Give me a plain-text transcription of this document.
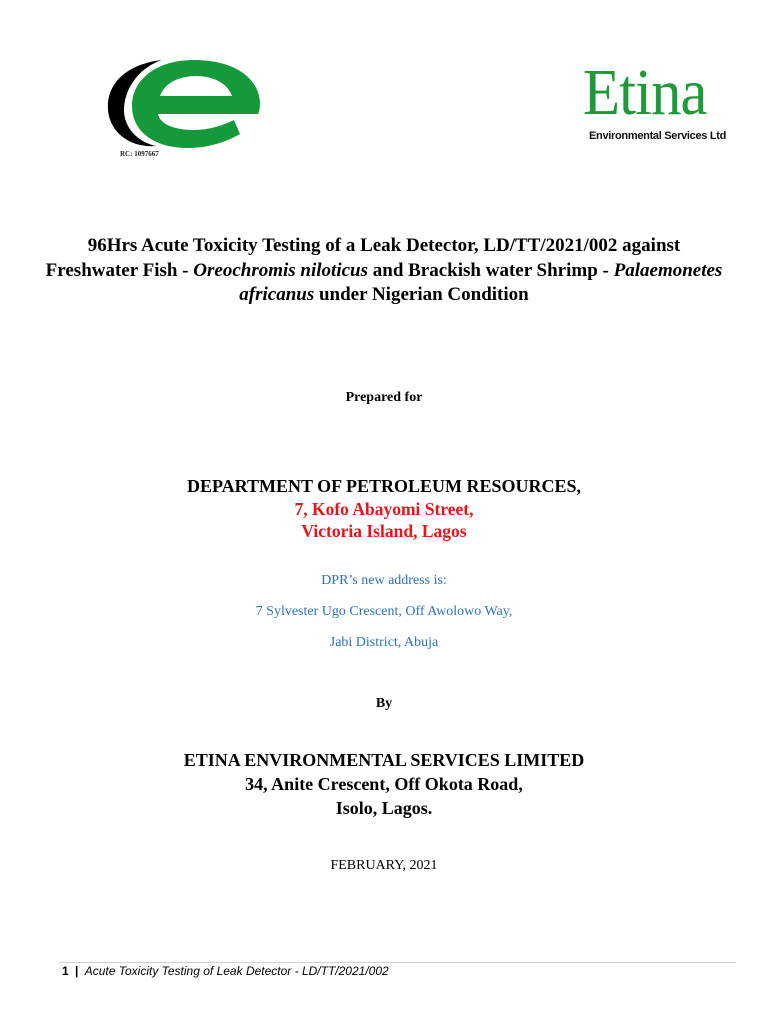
RC: 1097667
Etina
Environmental Services Ltd
96Hrs Acute Toxicity Testing of a Leak Detector, LD/TT/2021/002 against Freshwater Fish - Oreochromis niloticus and Brackish water Shrimp - Palaemonetes africanus under Nigerian Condition
Prepared for
DEPARTMENT OF PETROLEUM RESOURCES,
7, Kofo Abayomi Street,
Victoria Island, Lagos
DPR’s new address is:
7 Sylvester Ugo Crescent, Off Awolowo Way,
Jabi District, Abuja
By
ETINA ENVIRONMENTAL SERVICES LIMITED
34, Anite Crescent, Off Okota Road,
Isolo, Lagos.
FEBRUARY, 2021
1 | Acute Toxicity Testing of Leak Detector - LD/TT/2021/002
